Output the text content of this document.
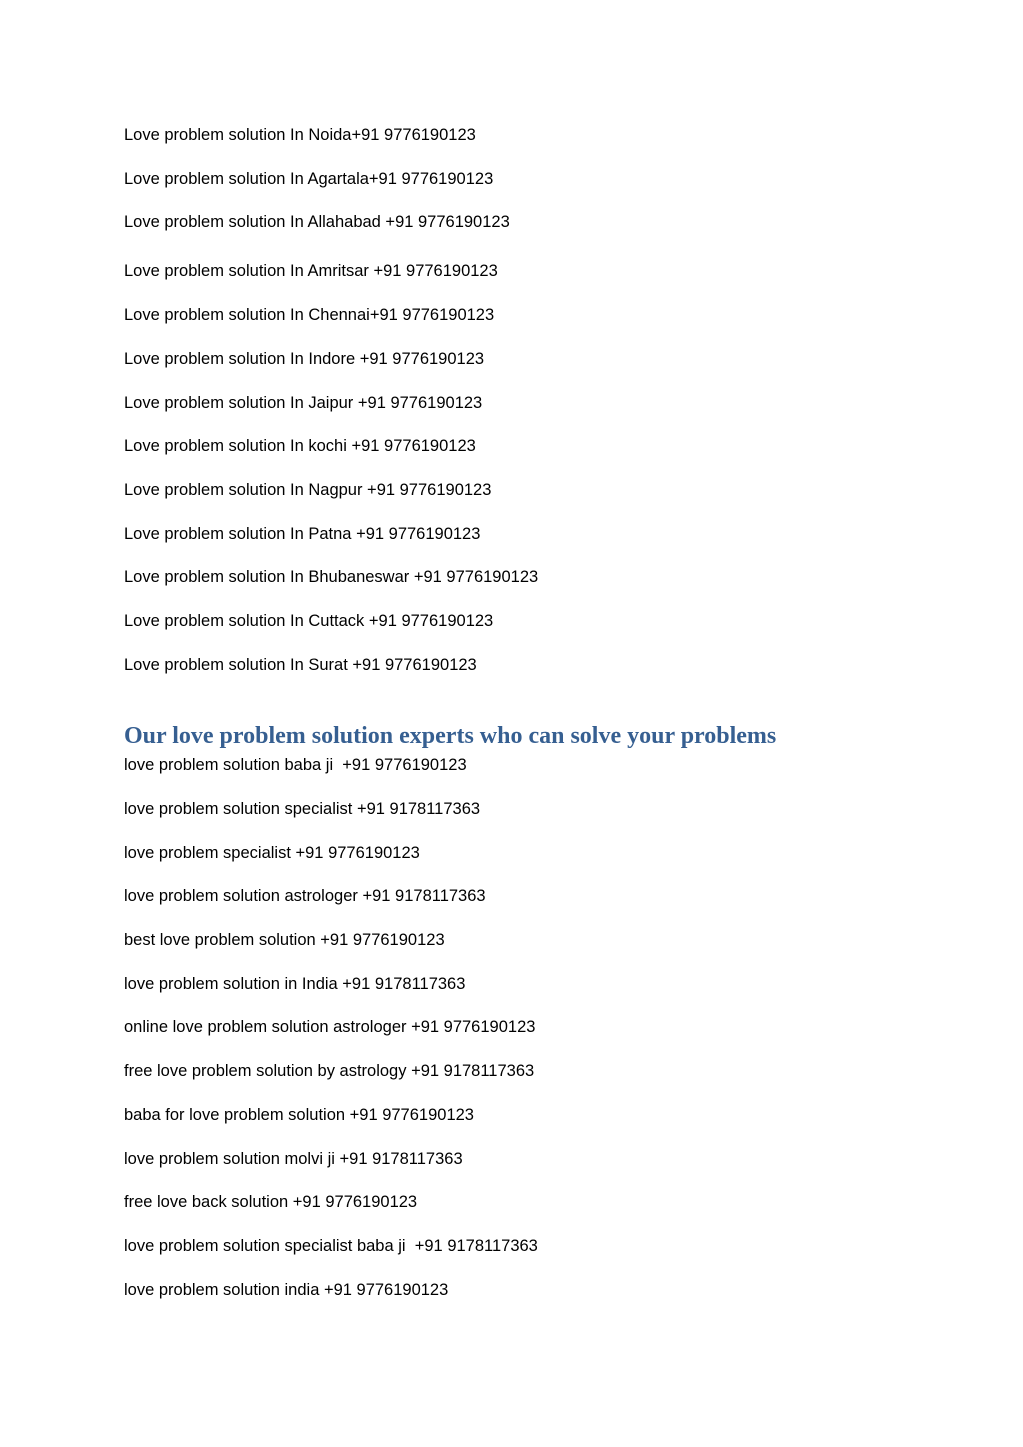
Love problem solution In Noida+91 9776190123

Love problem solution In Agartala+91 9776190123

Love problem solution In Allahabad +91 9776190123

Love problem solution In Amritsar +91 9776190123

Love problem solution In Chennai+91 9776190123

Love problem solution In Indore +91 9776190123

Love problem solution In Jaipur +91 9776190123

Love problem solution In kochi +91 9776190123

Love problem solution In Nagpur +91 9776190123

Love problem solution In Patna +91 9776190123

Love problem solution In Bhubaneswar +91 9776190123

Love problem solution In Cuttack +91 9776190123

Love problem solution In Surat +91 9776190123

Our love problem solution experts who can solve your problems

love problem solution baba ji  +91 9776190123

love problem solution specialist +91 9178117363

love problem specialist +91 9776190123

love problem solution astrologer +91 9178117363

best love problem solution +91 9776190123

love problem solution in India +91 9178117363

online love problem solution astrologer +91 9776190123

free love problem solution by astrology +91 9178117363

baba for love problem solution +91 9776190123

love problem solution molvi ji +91 9178117363

free love back solution +91 9776190123

love problem solution specialist baba ji  +91 9178117363

love problem solution india +91 9776190123
